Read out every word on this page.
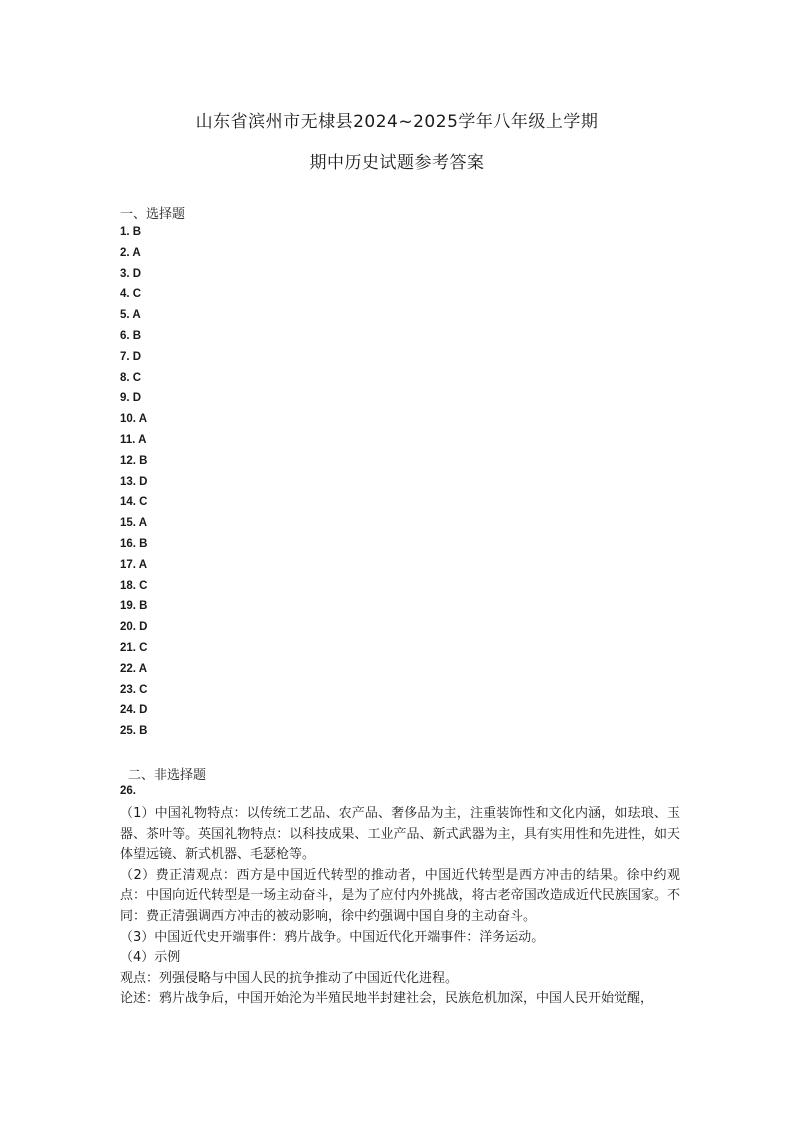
山东省滨州市无棣县2024~2025学年八年级上学期
期中历史试题参考答案
一、选择题
1. B
2. A
3. D
4. C
5. A
6. B
7. D
8. C
9. D
10. A
11. A
12. B
13. D
14. C
15. A
16. B
17. A
18. C
19. B
20. D
21. C
22. A
23. C
24. D
25. B
二、非选择题
26.

（1）中国礼物特点：以传统工艺品、农产品、奢侈品为主，注重装饰性和文化内涵，如珐琅、玉器、茶叶等。英国礼物特点：以科技成果、工业产品、新式武器为主，具有实用性和先进性，如天体望远镜、新式机器、毛瑟枪等。

（2）费正清观点：西方是中国近代转型的推动者，中国近代转型是西方冲击的结果。徐中约观点：中国向近代转型是一场主动奋斗，是为了应付内外挑战，将古老帝国改造成近代民族国家。不同：费正清强调西方冲击的被动影响，徐中约强调中国自身的主动奋斗。

（3）中国近代史开端事件：鸦片战争。中国近代化开端事件：洋务运动。

（4）示例

观点：列强侵略与中国人民的抗争推动了中国近代化进程。

论述：鸦片战争后，中国开始沦为半殖民地半封建社会，民族危机加深，中国人民开始觉醒，
